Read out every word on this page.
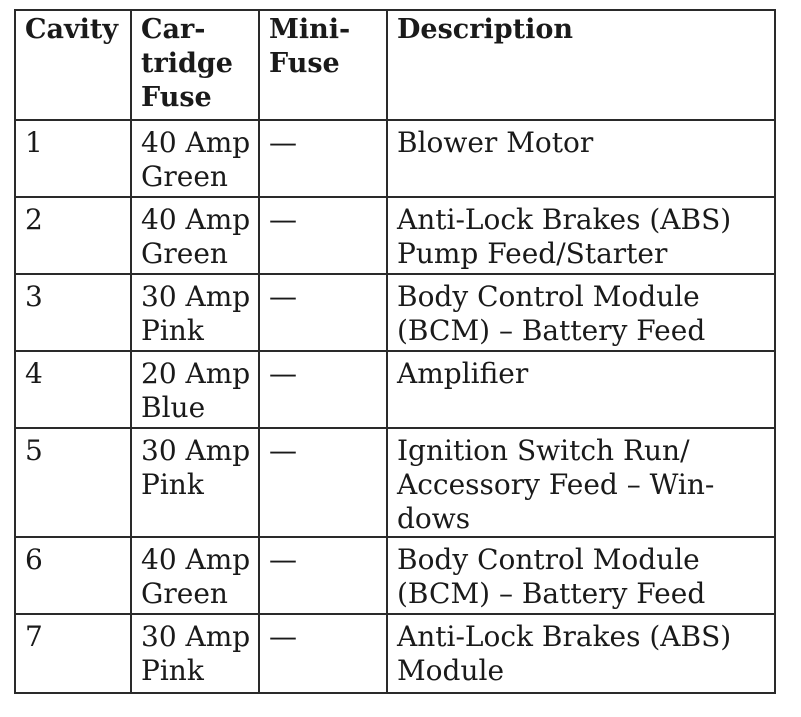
Cavity	Car-
tridge
Fuse	Mini-
Fuse	Description

1	40 Amp
Green	—	Blower Motor

2	40 Amp
Green	—	Anti-Lock Brakes (ABS)
Pump Feed/Starter

3	30 Amp
Pink	—	Body Control Module
(BCM) – Battery Feed

4	20 Amp
Blue	—	Amplifier

5	30 Amp
Pink	—	Ignition Switch Run/
Accessory Feed – Win-
dows

6	40 Amp
Green	—	Body Control Module
(BCM) – Battery Feed

7	30 Amp
Pink	—	Anti-Lock Brakes (ABS)
Module
